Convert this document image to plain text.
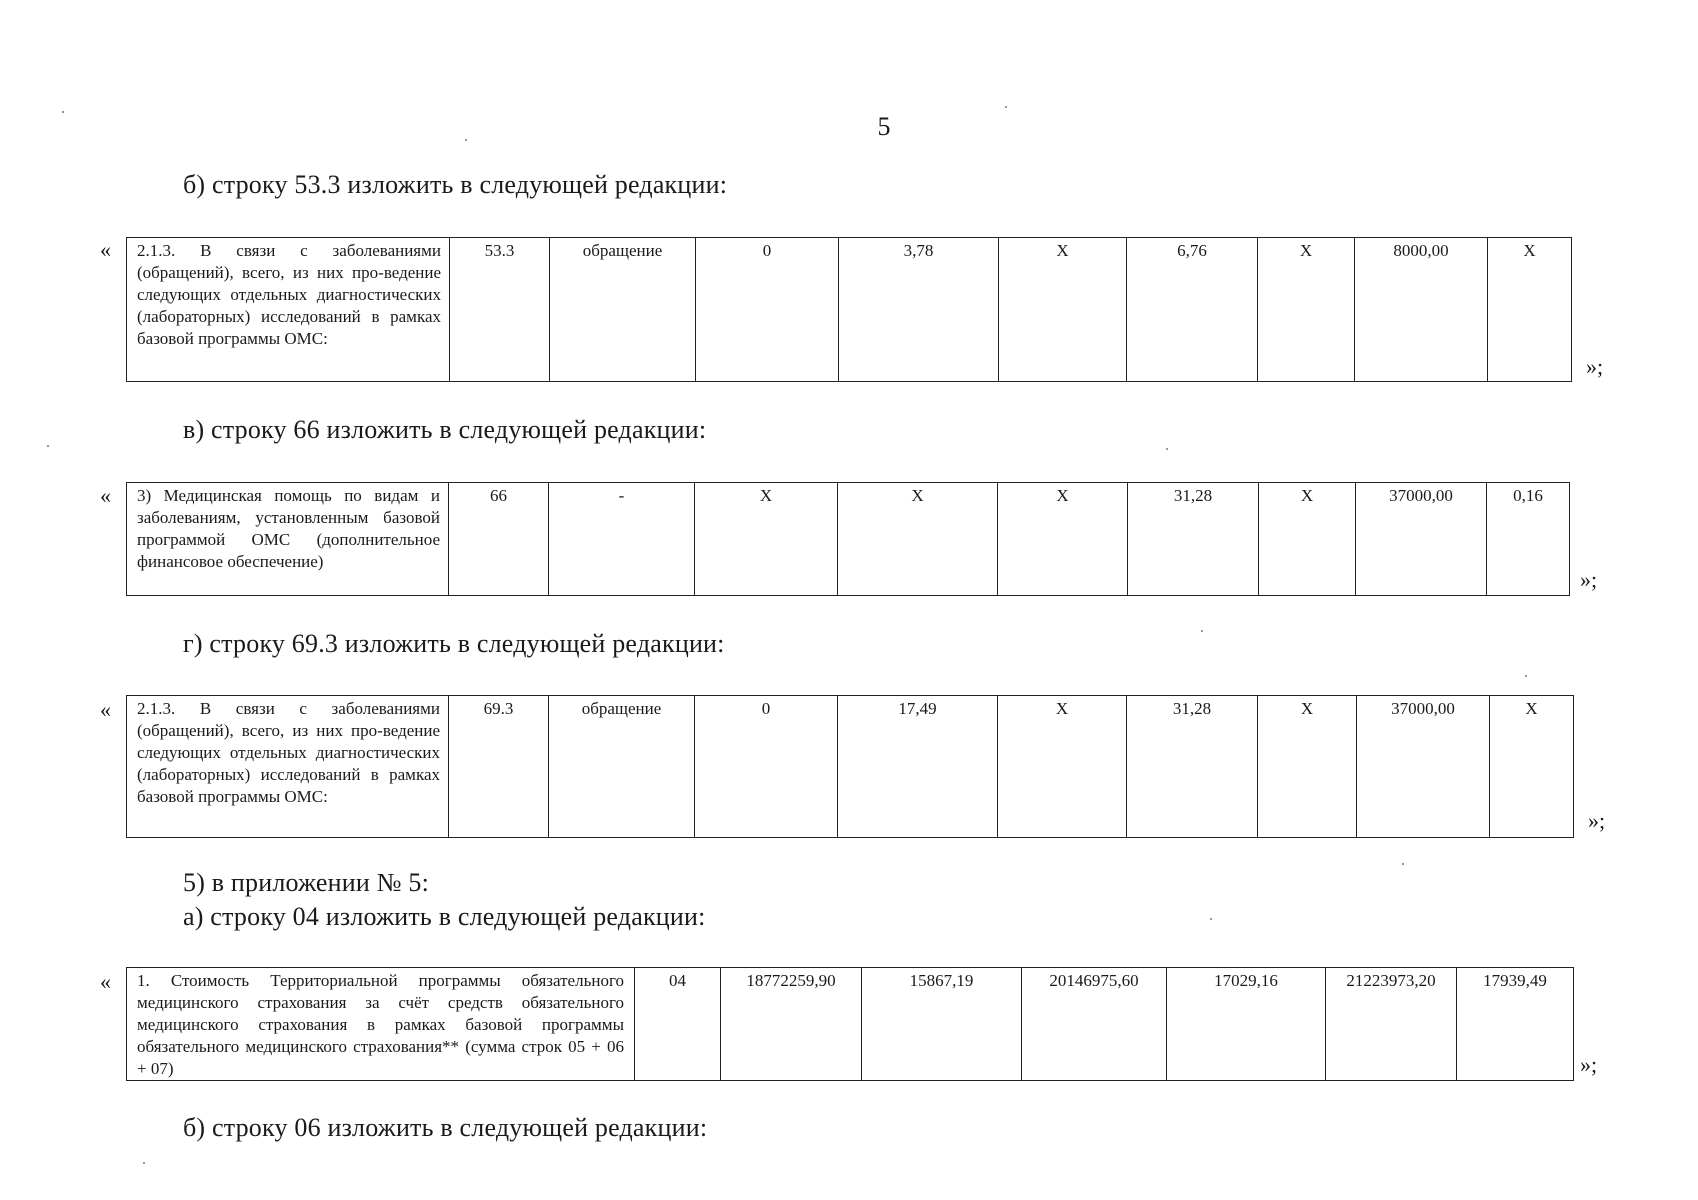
5
б) строку 53.3 изложить в следующей редакции:
« 2.1.3. В связи с заболеваниями (обращений), всего, из них про-ведение следующих отдельных диагностических (лабораторных) исследований в рамках базовой программы ОМС:	53.3	обращение	0	3,78	Х	6,76	Х	8000,00	Х
»;
в) строку 66 изложить в следующей редакции:
« 3) Медицинская помощь по видам и заболеваниям, установленным базовой программой ОМС (дополнительное финансовое обеспечение)	66	-	Х	Х	Х	31,28	Х	37000,00	0,16
»;
г) строку 69.3 изложить в следующей редакции:
« 2.1.3. В связи с заболеваниями (обращений), всего, из них про-ведение следующих отдельных диагностических (лабораторных) исследований в рамках базовой программы ОМС:	69.3	обращение	0	17,49	Х	31,28	Х	37000,00	Х
»;
5) в приложении № 5:
а) строку 04 изложить в следующей редакции:
« 1. Стоимость Территориальной программы обязательного медицинского страхования за счёт средств обязательного медицинского страхования в рамках базовой программы обязательного медицинского страхования** (сумма строк 05 + 06 + 07)	04	18772259,90	15867,19	20146975,60	17029,16	21223973,20	17939,49
»;
б) строку 06 изложить в следующей редакции:
